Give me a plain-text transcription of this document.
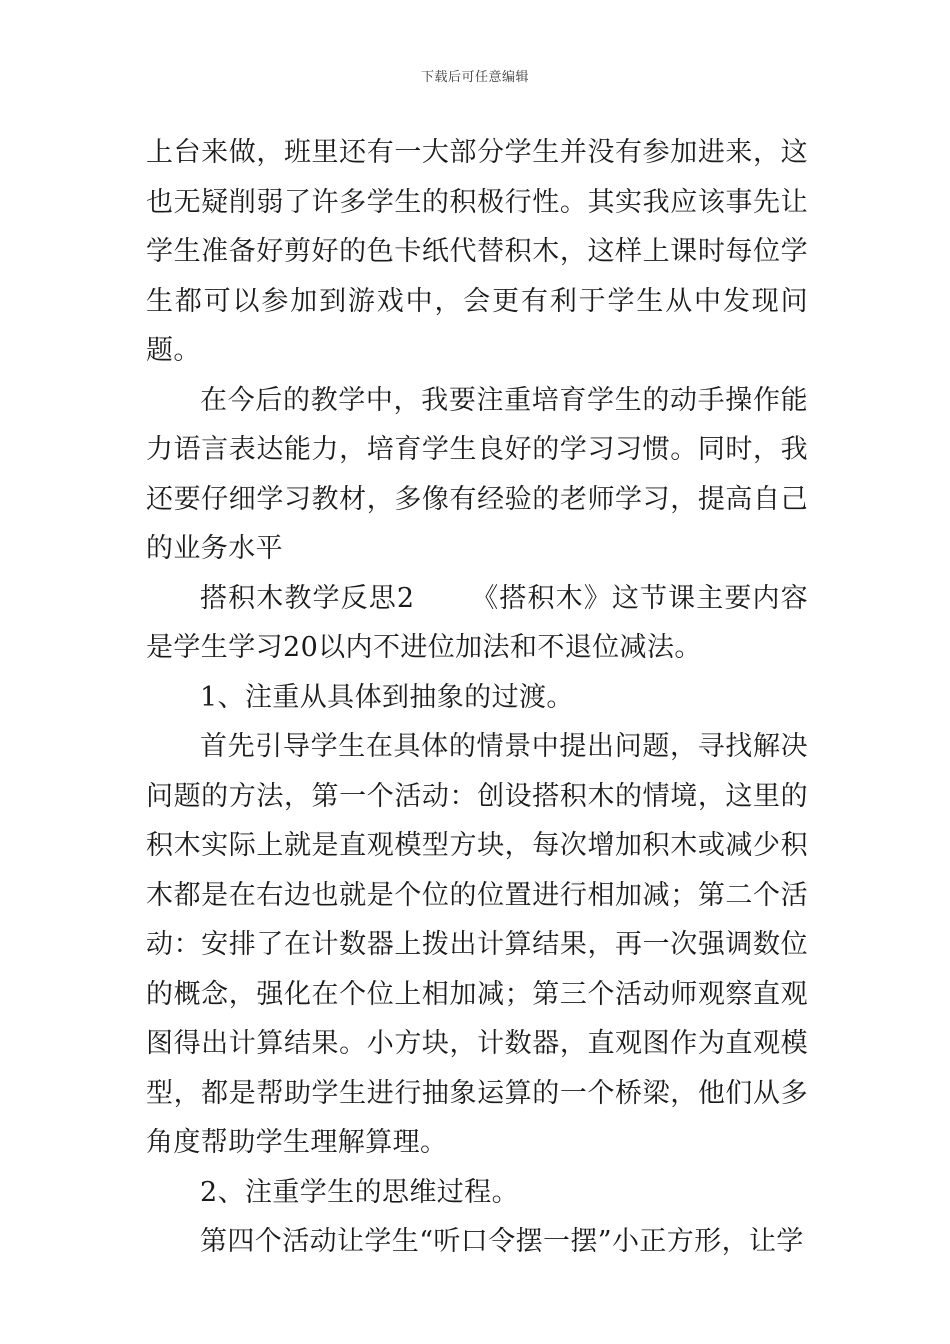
下载后可任意编辑

上台来做，班里还有一大部分学生并没有参加进来，这也无疑削弱了许多学生的积极行性。其实我应该事先让学生准备好剪好的色卡纸代替积木，这样上课时每位学生都可以参加到游戏中，会更有利于学生从中发现问题。

在今后的教学中，我要注重培育学生的动手操作能力语言表达能力，培育学生良好的学习习惯。同时，我还要仔细学习教材，多像有经验的老师学习，提高自己的业务水平

搭积木教学反思2 《搭积木》这节课主要内容是学生学习20以内不进位加法和不退位减法。

1、注重从具体到抽象的过渡。

首先引导学生在具体的情景中提出问题，寻找解决问题的方法，第一个活动：创设搭积木的情境，这里的积木实际上就是直观模型方块，每次增加积木或减少积木都是在右边也就是个位的位置进行相加减；第二个活动：安排了在计数器上拨出计算结果，再一次强调数位的概念，强化在个位上相加减；第三个活动师观察直观图得出计算结果。小方块，计数器，直观图作为直观模型，都是帮助学生进行抽象运算的一个桥梁，他们从多角度帮助学生理解算理。

2、注重学生的思维过程。

第四个活动让学生“听口令摆一摆”小正方形，让学
